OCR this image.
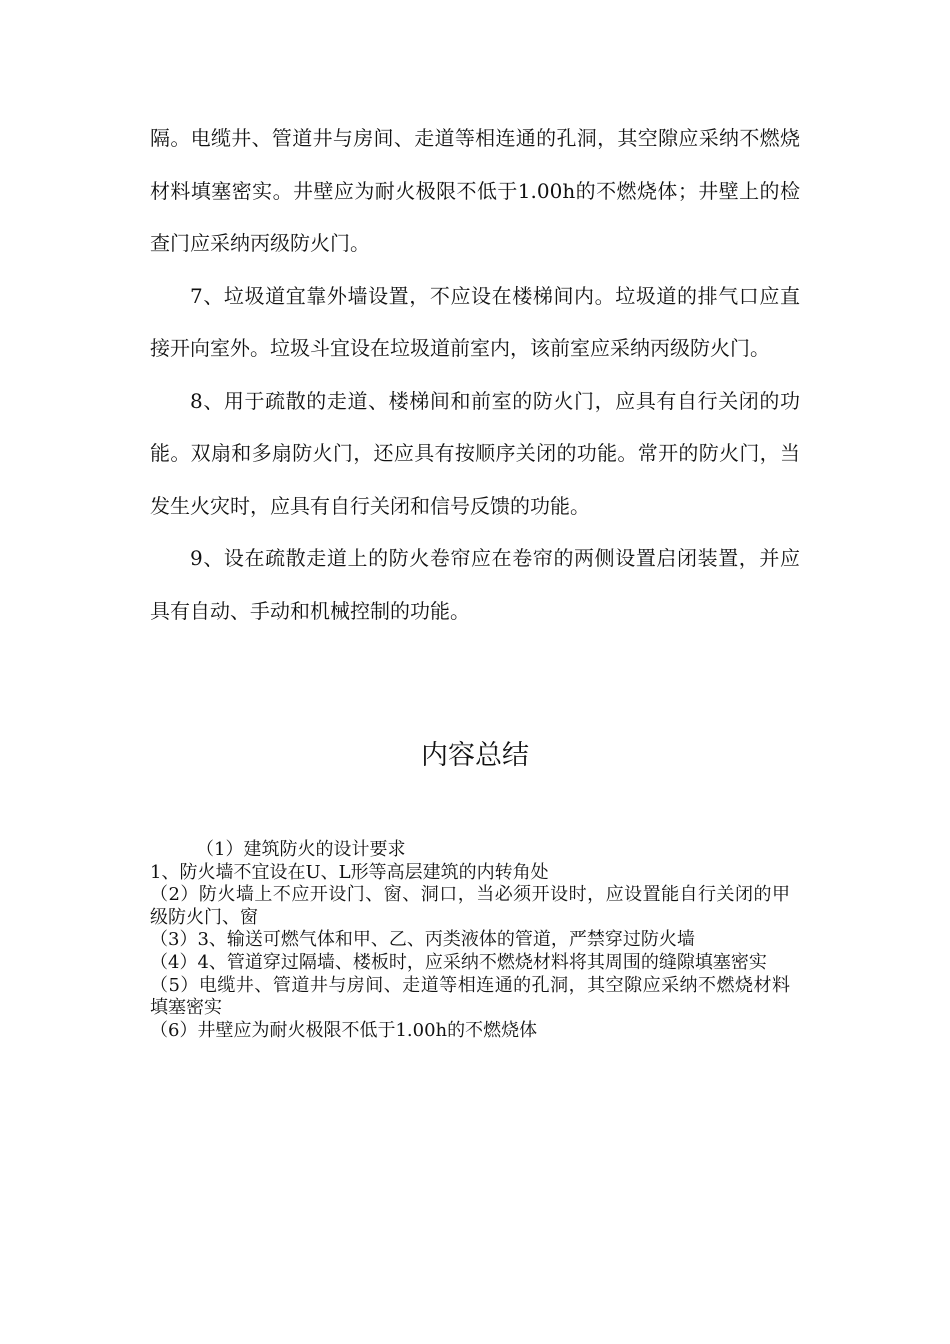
隔。电缆井、管道井与房间、走道等相连通的孔洞，其空隙应采纳不燃烧材料填塞密实。井壁应为耐火极限不低于1.00h的不燃烧体；井壁上的检查门应采纳丙级防火门。

7、垃圾道宜靠外墙设置，不应设在楼梯间内。垃圾道的排气口应直接开向室外。垃圾斗宜设在垃圾道前室内，该前室应采纳丙级防火门。

8、用于疏散的走道、楼梯间和前室的防火门，应具有自行关闭的功能。双扇和多扇防火门，还应具有按顺序关闭的功能。常开的防火门，当发生火灾时，应具有自行关闭和信号反馈的功能。

9、设在疏散走道上的防火卷帘应在卷帘的两侧设置启闭装置，并应具有自动、手动和机械控制的功能。

内容总结

（1）建筑防火的设计要求

1、防火墙不宜设在U、L形等高层建筑的内转角处

（2）防火墙上不应开设门、窗、洞口，当必须开设时，应设置能自行关闭的甲级防火门、窗

（3）3、输送可燃气体和甲、乙、丙类液体的管道，严禁穿过防火墙

（4）4、管道穿过隔墙、楼板时，应采纳不燃烧材料将其周围的缝隙填塞密实

（5）电缆井、管道井与房间、走道等相连通的孔洞，其空隙应采纳不燃烧材料填塞密实

（6）井壁应为耐火极限不低于1.00h的不燃烧体
